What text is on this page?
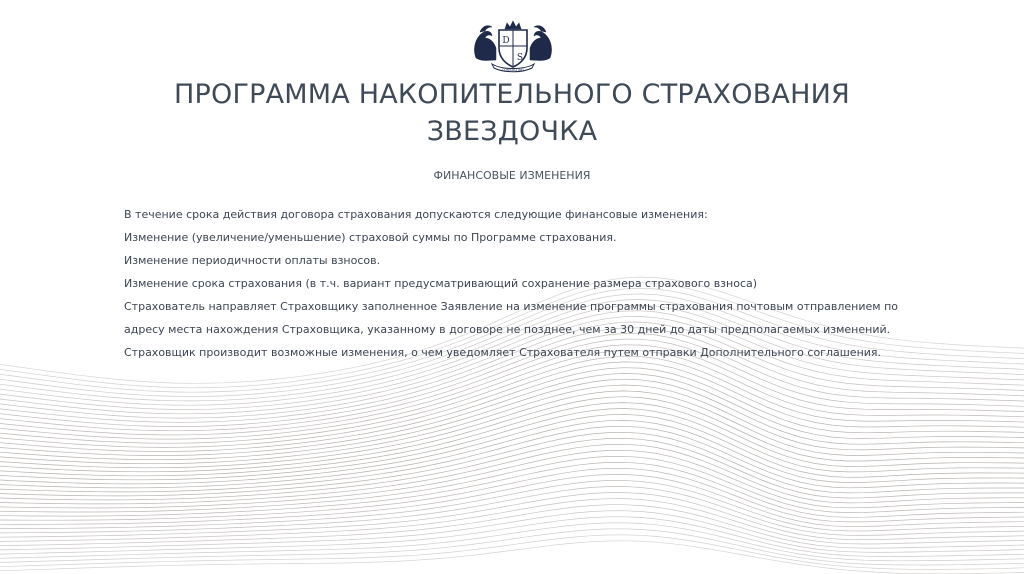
D
S
CONSULTING
ПРОГРАММА НАКОПИТЕЛЬНОГО СТРАХОВАНИЯ
ЗВЕЗДОЧКА
ФИНАНСОВЫЕ ИЗМЕНЕНИЯ

В течение срока действия договора страхования допускаются следующие финансовые изменения:

Изменение (увеличение/уменьшение) страховой суммы по Программе страхования.

Изменение периодичности оплаты взносов.

Изменение срока страхования (в т.ч. вариант предусматривающий сохранение размера страхового взноса)

Страхователь направляет Страховщику заполненное Заявление на изменение программы страхования почтовым отправлением по

адресу места нахождения Страховщика, указанному в договоре не позднее, чем за 30 дней до даты предполагаемых изменений.

Страховщик производит возможные изменения, о чем уведомляет Страхователя путем отправки Дополнительного соглашения.
